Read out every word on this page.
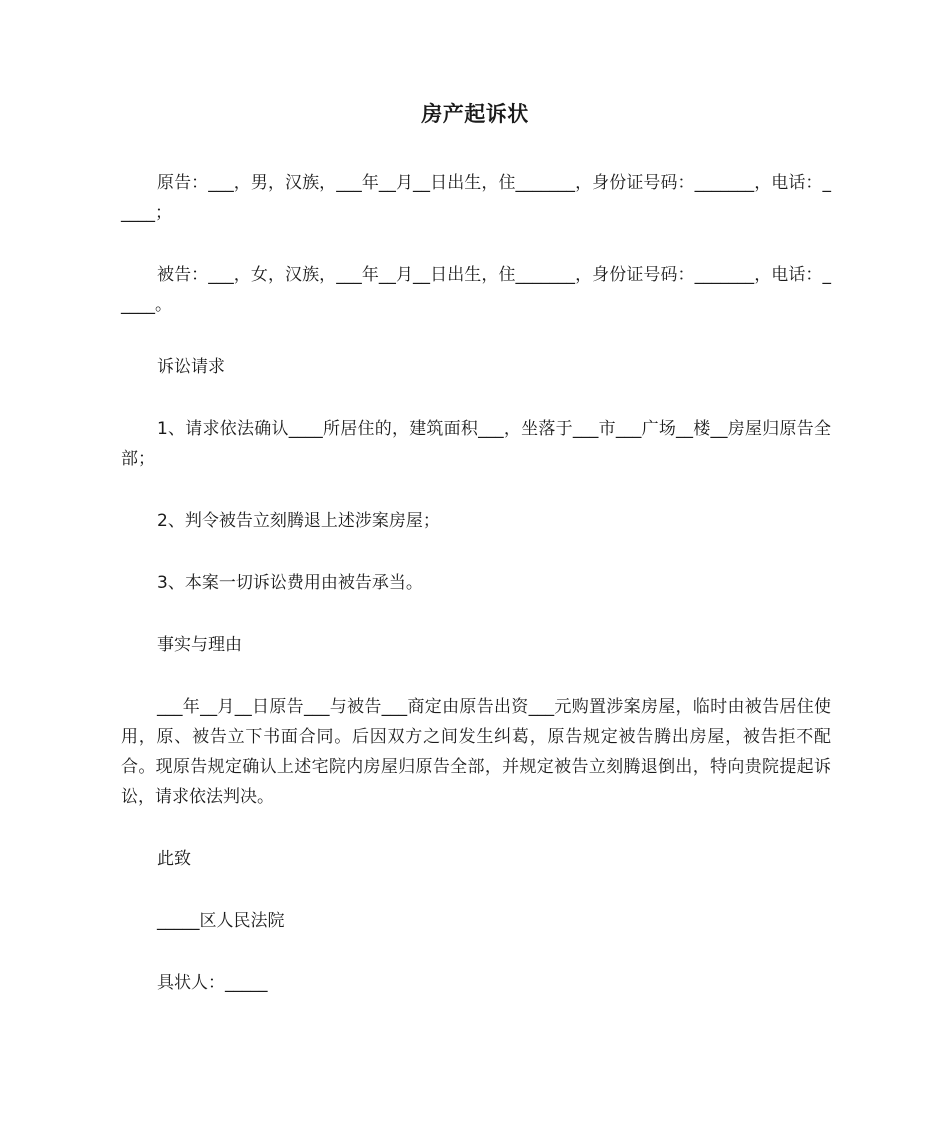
房产起诉状

原告：___，男，汉族，___年__月__日出生，住_______，身份证号码：_______，电话：_____；

被告：___，女，汉族，___年__月__日出生，住_______，身份证号码：_______，电话：_____。

诉讼请求

1、请求依法确认____所居住的，建筑面积___，坐落于___市___广场__楼__房屋归原告全部；

2、判令被告立刻腾退上述涉案房屋；

3、本案一切诉讼费用由被告承当。

事实与理由

___年__月__日原告___与被告___商定由原告出资___元购置涉案房屋，临时由被告居住使用，原、被告立下书面合同。后因双方之间发生纠葛，原告规定被告腾出房屋，被告拒不配合。现原告规定确认上述宅院内房屋归原告全部，并规定被告立刻腾退倒出，特向贵院提起诉讼，请求依法判决。

此致

_____区人民法院

具状人：_____
